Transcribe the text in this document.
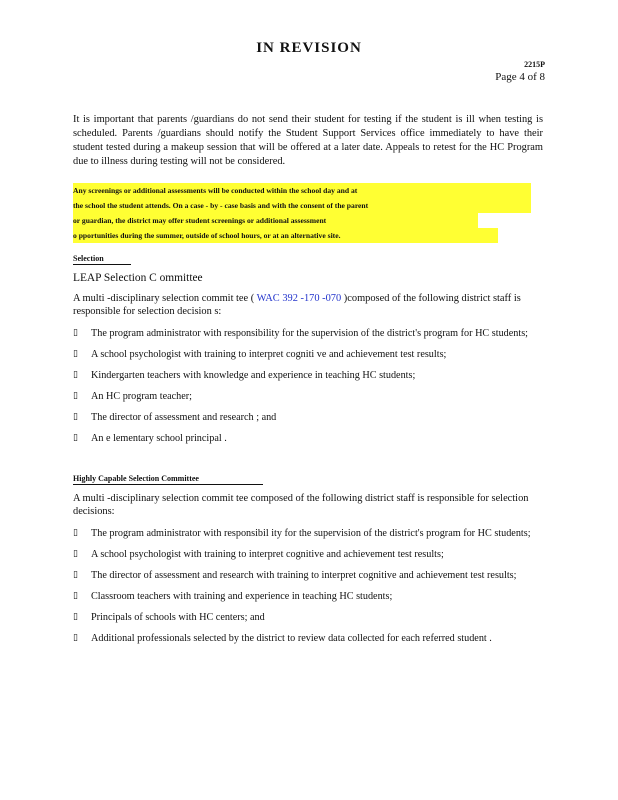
IN REVISION
2215P
Page 4 of 8
It is important that parents /guardians do not send their student for testing if the student is ill when testing is scheduled. Parents /guardians should notify the Student Support Services office immediately to have their student tested during a makeup session that will be offered at a later date. Appeals to retest for the HC Program due to illness during testing will not be considered.
Any screenings or additional assessments will be conducted within the school day and at
the school the student attends. On a case - by - case basis and with the consent of the parent
or guardian, the district may offer student screenings or additional assessment
o pportunities during the summer, outside of school hours, or at an alternative site.
Selection
LEAP Selection C ommittee
A multi -disciplinary selection commit tee ( WAC 392 -170 -070 )composed of the following district staff is responsible for selection decision s:
▯ The program administrator with responsibility for the supervision of the district's program for HC students;
▯ A school psychologist with training to interpret cogniti ve and achievement test results;
▯ Kindergarten teachers with knowledge and experience in teaching HC students;
▯ An HC program teacher;
▯ The director of assessment and research ; and
▯ An e lementary school principal .
Highly Capable Selection Committee
A multi -disciplinary selection commit tee composed of the following district staff is responsible for selection decisions:
▯ The program administrator with responsibil ity for the supervision of the district's program for HC students;
▯ A school psychologist with training to interpret cognitive and achievement test results;
▯ The director of assessment and research with training to interpret cognitive and achievement test results;
▯ Classroom teachers with training and experience in teaching HC students;
▯ Principals of schools with HC centers; and
▯ Additional professionals selected by the district to review data collected for each referred student .
